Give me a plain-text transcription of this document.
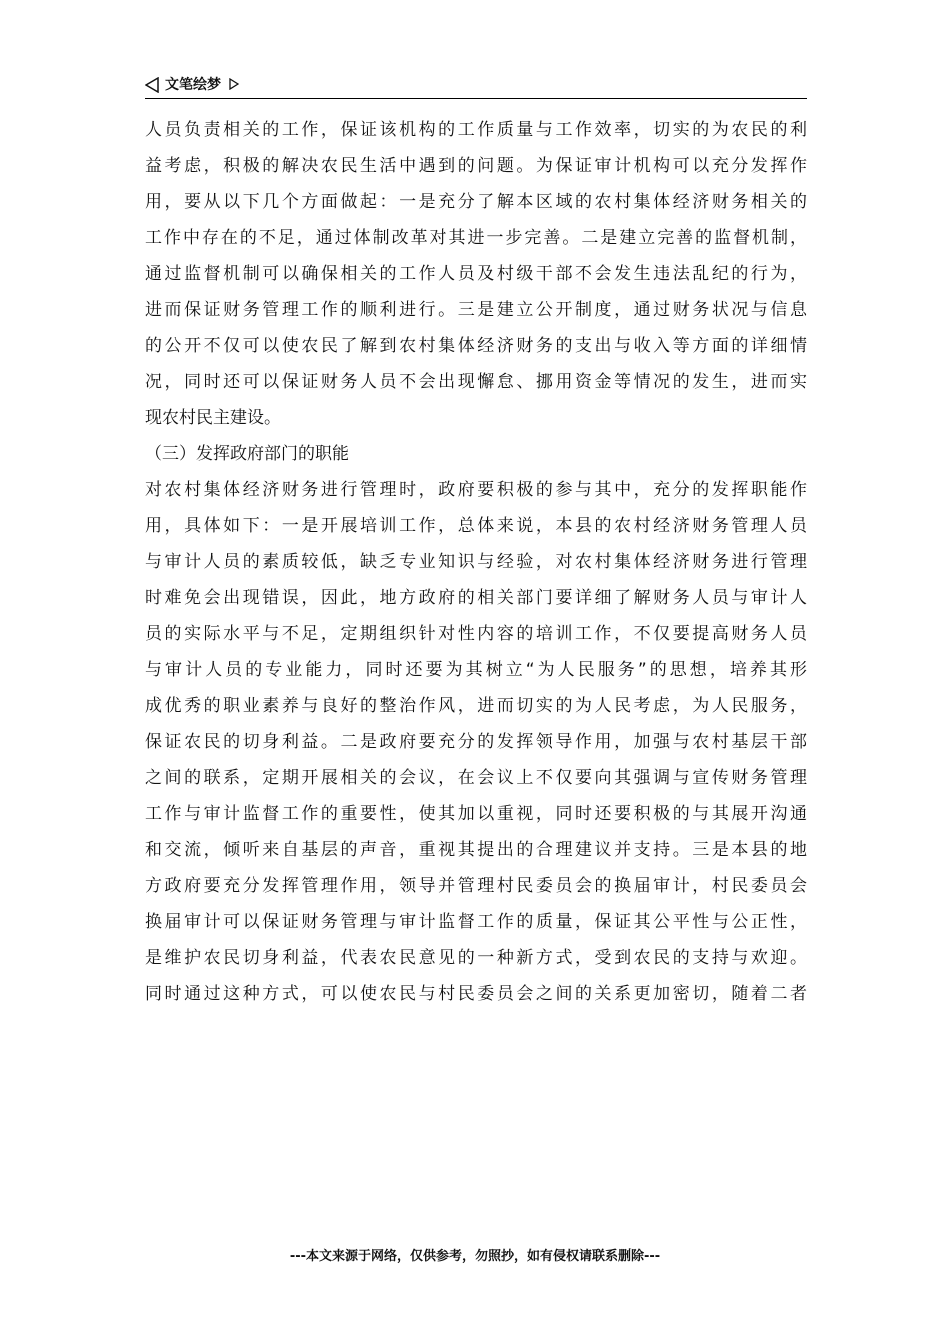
文笔绘梦
人员负责相关的工作，保证该机构的工作质量与工作效率，切实的为农民的利
益考虑，积极的解决农民生活中遇到的问题。为保证审计机构可以充分发挥作
用，要从以下几个方面做起：一是充分了解本区域的农村集体经济财务相关的
工作中存在的不足，通过体制改革对其进一步完善。二是建立完善的监督机制，
通过监督机制可以确保相关的工作人员及村级干部不会发生违法乱纪的行为，
进而保证财务管理工作的顺利进行。三是建立公开制度，通过财务状况与信息
的公开不仅可以使农民了解到农村集体经济财务的支出与收入等方面的详细情
况，同时还可以保证财务人员不会出现懈怠、挪用资金等情况的发生，进而实
现农村民主建设。
（三）发挥政府部门的职能
对农村集体经济财务进行管理时，政府要积极的参与其中，充分的发挥职能作
用，具体如下：一是开展培训工作，总体来说，本县的农村经济财务管理人员
与审计人员的素质较低，缺乏专业知识与经验，对农村集体经济财务进行管理
时难免会出现错误，因此，地方政府的相关部门要详细了解财务人员与审计人
员的实际水平与不足，定期组织针对性内容的培训工作，不仅要提高财务人员
与审计人员的专业能力，同时还要为其树立“为人民服务”的思想，培养其形
成优秀的职业素养与良好的整治作风，进而切实的为人民考虑，为人民服务，
保证农民的切身利益。二是政府要充分的发挥领导作用，加强与农村基层干部
之间的联系，定期开展相关的会议，在会议上不仅要向其强调与宣传财务管理
工作与审计监督工作的重要性，使其加以重视，同时还要积极的与其展开沟通
和交流，倾听来自基层的声音，重视其提出的合理建议并支持。三是本县的地
方政府要充分发挥管理作用，领导并管理村民委员会的换届审计，村民委员会
换届审计可以保证财务管理与审计监督工作的质量，保证其公平性与公正性，
是维护农民切身利益，代表农民意见的一种新方式，受到农民的支持与欢迎。
同时通过这种方式，可以使农民与村民委员会之间的关系更加密切，随着二者
---本文来源于网络，仅供参考，勿照抄，如有侵权请联系删除---
